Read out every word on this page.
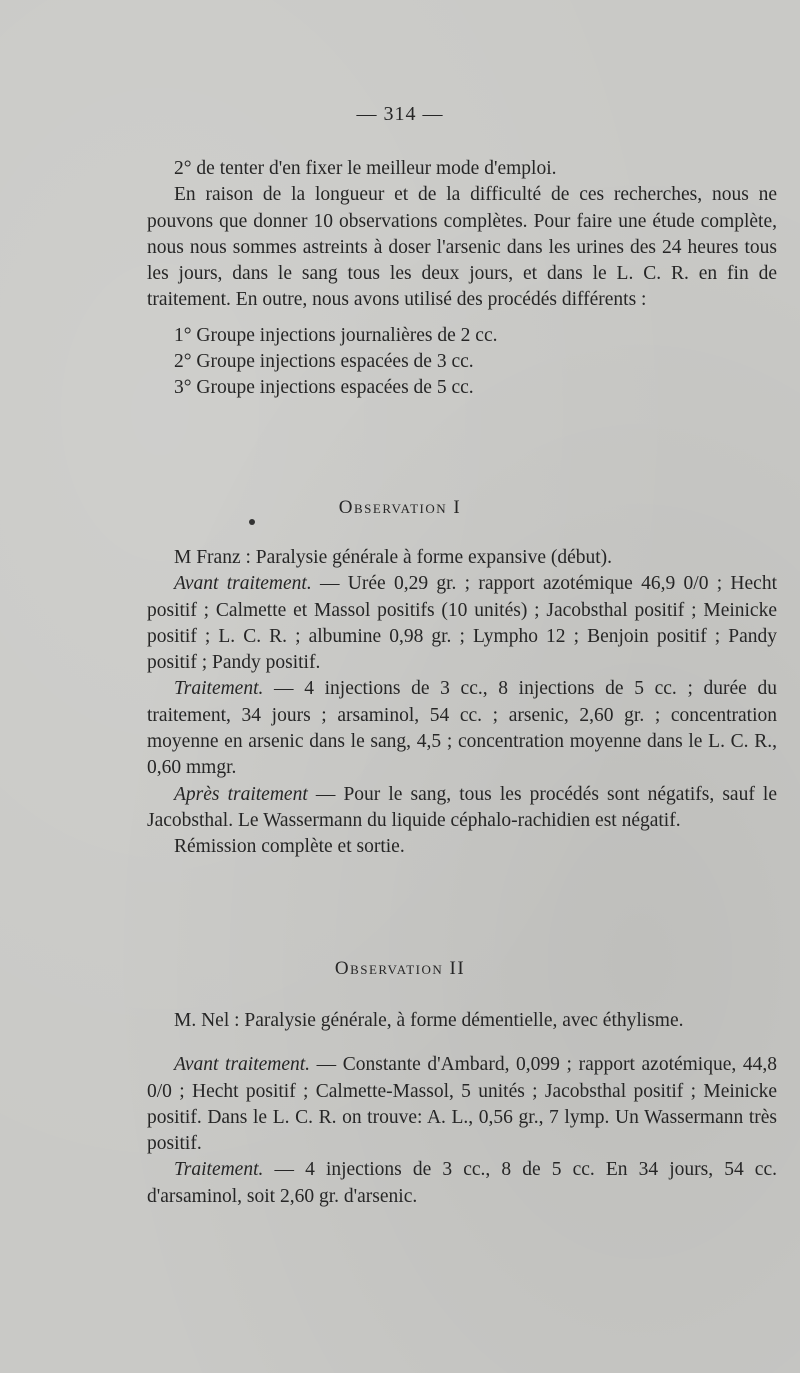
— 314 —

2° de tenter d'en fixer le meilleur mode d'emploi.

En raison de la longueur et de la difficulté de ces recherches, nous ne pouvons que donner 10 observations complètes. Pour faire une étude complète, nous nous sommes astreints à doser l'arsenic dans les urines des 24 heures tous les jours, dans le sang tous les deux jours, et dans le L. C. R. en fin de traitement. En outre, nous avons utilisé des procédés différents :

1° Groupe injections journalières de 2 cc.

2° Groupe injections espacées de 3 cc.

3° Groupe injections espacées de 5 cc.

Observation I

M Franz : Paralysie générale à forme expansive (début).

Avant traitement. — Urée 0,29 gr. ; rapport azotémique 46,9 0/0 ; Hecht positif ; Calmette et Massol positifs (10 unités) ; Jacobsthal positif ; Meinicke positif ; L. C. R. ; albumine 0,98 gr. ; Lympho 12 ; Benjoin positif ; Pandy positif ; Pandy positif.

Traitement. — 4 injections de 3 cc., 8 injections de 5 cc. ; durée du traitement, 34 jours ; arsaminol, 54 cc. ; arsenic, 2,60 gr. ; concentration moyenne en arsenic dans le sang, 4,5 ; concentration moyenne dans le L. C. R., 0,60 mmgr.

Après traitement — Pour le sang, tous les procédés sont négatifs, sauf le Jacobsthal. Le Wassermann du liquide céphalo-rachidien est négatif.

Rémission complète et sortie.

Observation II

M. Nel : Paralysie générale, à forme démentielle, avec éthylisme.

Avant traitement. — Constante d'Ambard, 0,099 ; rapport azotémique, 44,8 0/0 ; Hecht positif ; Calmette-Massol, 5 unités ; Jacobsthal positif ; Meinicke positif. Dans le L. C. R. on trouve: A. L., 0,56 gr., 7 lymp. Un Wassermann très positif.

Traitement. — 4 injections de 3 cc., 8 de 5 cc. En 34 jours, 54 cc. d'arsaminol, soit 2,60 gr. d'arsenic.
